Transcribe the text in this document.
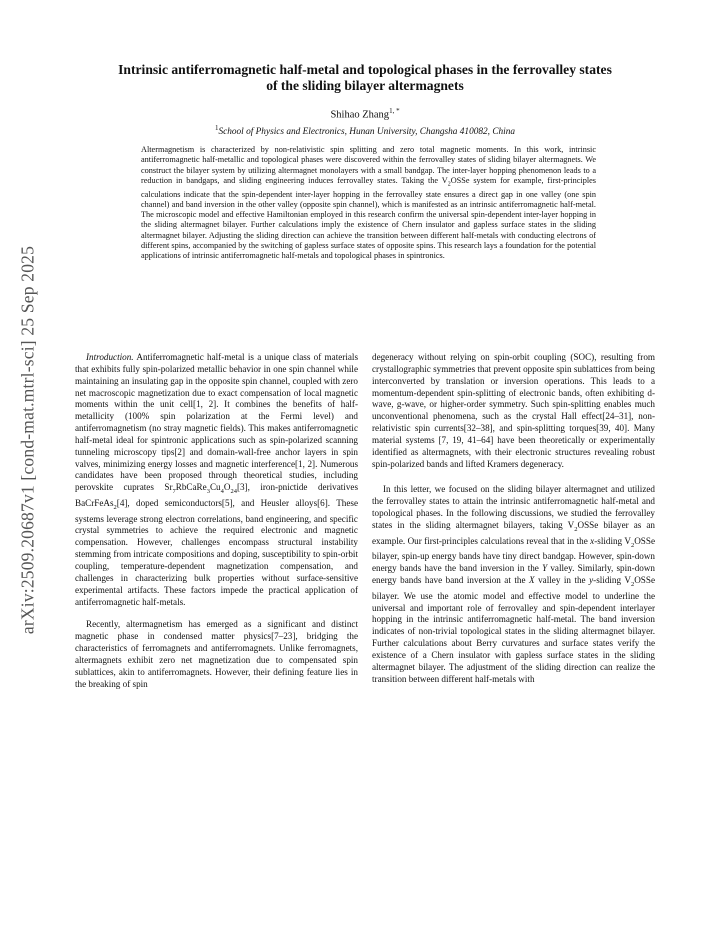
arXiv:2509.20687v1 [cond-mat.mtrl-sci] 25 Sep 2025
Intrinsic antiferromagnetic half-metal and topological phases in the ferrovalley states
of the sliding bilayer altermagnets
Shihao Zhang$^{1, *}$
$^1$School of Physics and Electronics, Hunan University, Changsha 410082, China
Altermagnetism is characterized by non-relativistic spin splitting and zero total magnetic moments. In this work, intrinsic antiferromagnetic half-metallic and topological phases were discovered within the ferrovalley states of sliding bilayer altermagnets. We construct the bilayer system by utilizing altermagnet monolayers with a small bandgap. The inter-layer hopping phenomenon leads to a reduction in bandgaps, and sliding engineering induces ferrovalley states. Taking the $V_2OSSe$ system for example, first-principles calculations indicate that the spin-dependent inter-layer hopping in the ferrovalley state ensures a direct gap in one valley (one spin channel) and band inversion in the other valley (opposite spin channel), which is manifested as an intrinsic antiferromagnetic half-metal. The microscopic model and effective Hamiltonian employed in this research confirm the universal spin-dependent inter-layer hopping in the sliding altermagnet bilayer. Further calculations imply the existence of Chern insulator and gapless surface states in the sliding altermagnet bilayer. Adjusting the sliding direction can achieve the transition between different half-metals with conducting electrons of different spins, accompanied by the switching of gapless surface states of opposite spins. This research lays a foundation for the potential applications of intrinsic antiferromagnetic half-metals and topological phases in spintronics.

Introduction. Antiferromagnetic half-metal is a unique class of materials that exhibits fully spin-polarized metallic behavior in one spin channel while maintaining an insulating gap in the opposite spin channel, coupled with zero net macroscopic magnetization due to exact compensation of local magnetic moments within the unit cell[1, 2]. It combines the benefits of half-metallicity (100% spin polarization at the Fermi level) and antiferromagnetism (no stray magnetic fields). This makes antiferromagnetic half-metal ideal for spintronic applications such as spin-polarized scanning tunneling microscopy tips[2] and domain-wall-free anchor layers in spin valves, minimizing energy losses and magnetic interference[1, 2]. Numerous candidates have been proposed through theoretical studies, including perovskite cuprates $Sr_7RbCaRe_3Cu_4O_{24}[3]$, iron-pnictide derivatives BaCrFeAs$_2$[4], doped semiconductors[5], and Heusler alloys[6]. These systems leverage strong electron correlations, band engineering, and specific crystal symmetries to achieve the required electronic and magnetic compensation. However, challenges encompass structural instability stemming from intricate compositions and doping, susceptibility to spin-orbit coupling, temperature-dependent magnetization compensation, and challenges in characterizing bulk properties without surface-sensitive experimental artifacts. These factors impede the practical application of antiferromagnetic half-metals.

Recently, altermagnetism has emerged as a significant and distinct magnetic phase in condensed matter physics[7–23], bridging the characteristics of ferromagnets and antiferromagnets. Unlike ferromagnets, altermagnets exhibit zero net magnetization due to compensated spin sublattices, akin to antiferromagnets. However, their defining feature lies in the breaking of spin

degeneracy without relying on spin-orbit coupling (SOC), resulting from crystallographic symmetries that prevent opposite spin sublattices from being interconverted by translation or inversion operations. This leads to a momentum-dependent spin-splitting of electronic bands, often exhibiting d-wave, g-wave, or higher-order symmetry. Such spin-splitting enables much unconventional phenomena, such as the crystal Hall effect[24–31], non-relativistic spin currents[32–38], and spin-splitting torques[39, 40]. Many material systems [7, 19, 41–64] have been theoretically or experimentally identified as altermagnets, with their electronic structures revealing robust spin-polarized bands and lifted Kramers degeneracy.

In this letter, we focused on the sliding bilayer altermagnet and utilized the ferrovalley states to attain the intrinsic antiferromagnetic half-metal and topological phases. In the following discussions, we studied the ferrovalley states in the sliding altermagnet bilayers, taking $V_2OSSe$ bilayer as an example. Our first-principles calculations reveal that in the x-sliding $V_2OSSe$ bilayer, spin-up energy bands have tiny direct bandgap. However, spin-down energy bands have the band inversion in the Y valley. Similarly, spin-down energy bands have band inversion at the X valley in the y-sliding $V_2OSSe$ bilayer. We use the atomic model and effective model to underline the universal and important role of ferrovalley and spin-dependent interlayer hopping in the intrinsic antiferromagnetic half-metal. The band inversion indicates of non-trivial topological states in the sliding altermagnet bilayer. Further calculations about Berry curvatures and surface states verify the existence of a Chern insulator with gapless surface states in the sliding altermagnet bilayer. The adjustment of the sliding direction can realize the transition between different half-metals with
